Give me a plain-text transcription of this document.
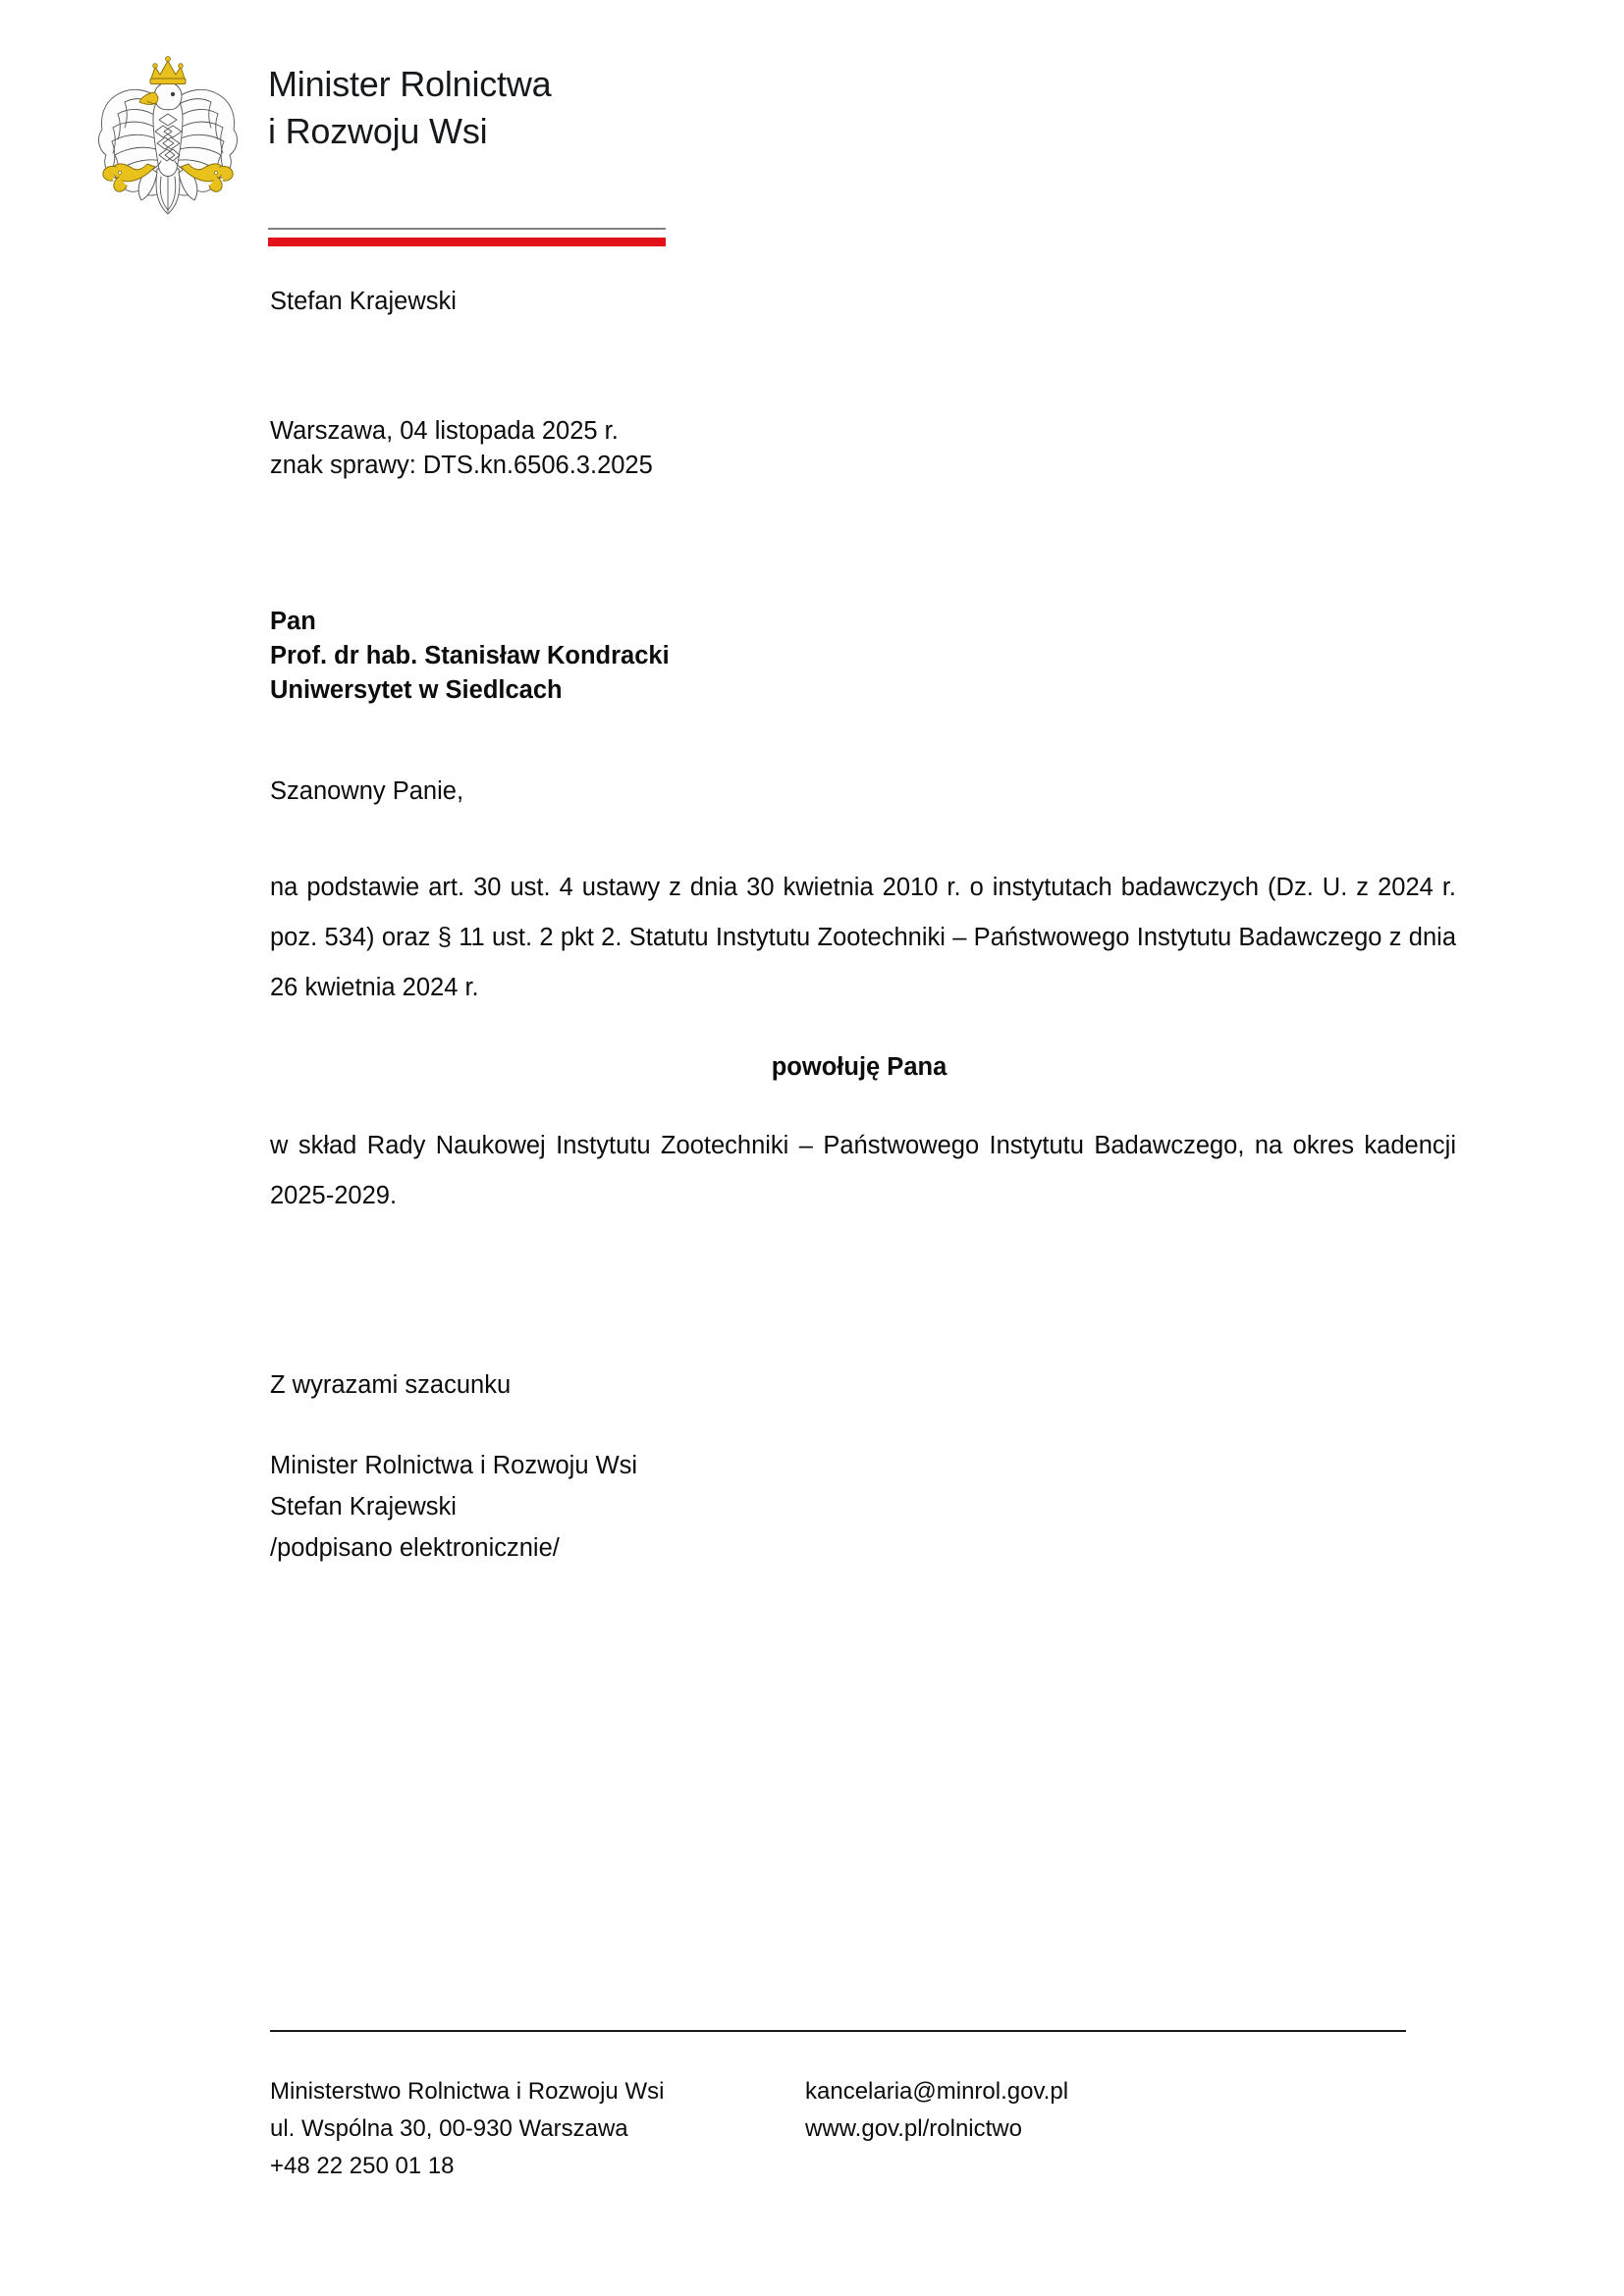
Minister Rolnictwa
i Rozwoju Wsi
Stefan Krajewski
Warszawa, 04 listopada 2025 r.
znak sprawy: DTS.kn.6506.3.2025
Pan
Prof. dr hab. Stanisław Kondracki
Uniwersytet w Siedlcach
Szanowny Panie,
na podstawie art. 30 ust. 4 ustawy z dnia 30 kwietnia 2010 r. o instytutach badawczych (Dz. U. z 2024 r. poz. 534) oraz § 11 ust. 2 pkt 2. Statutu Instytutu Zootechniki – Państwowego Instytutu Badawczego z dnia 26 kwietnia 2024 r.
powołuję Pana
w skład Rady Naukowej Instytutu Zootechniki – Państwowego Instytutu Badawczego, na okres kadencji 2025-2029.
Z wyrazami szacunku
Minister Rolnictwa i Rozwoju Wsi
Stefan Krajewski
/podpisano elektronicznie/
Ministerstwo Rolnictwa i Rozwoju Wsi
ul. Wspólna 30, 00-930 Warszawa
+48 22 250 01 18
kancelaria@minrol.gov.pl
www.gov.pl/rolnictwo
